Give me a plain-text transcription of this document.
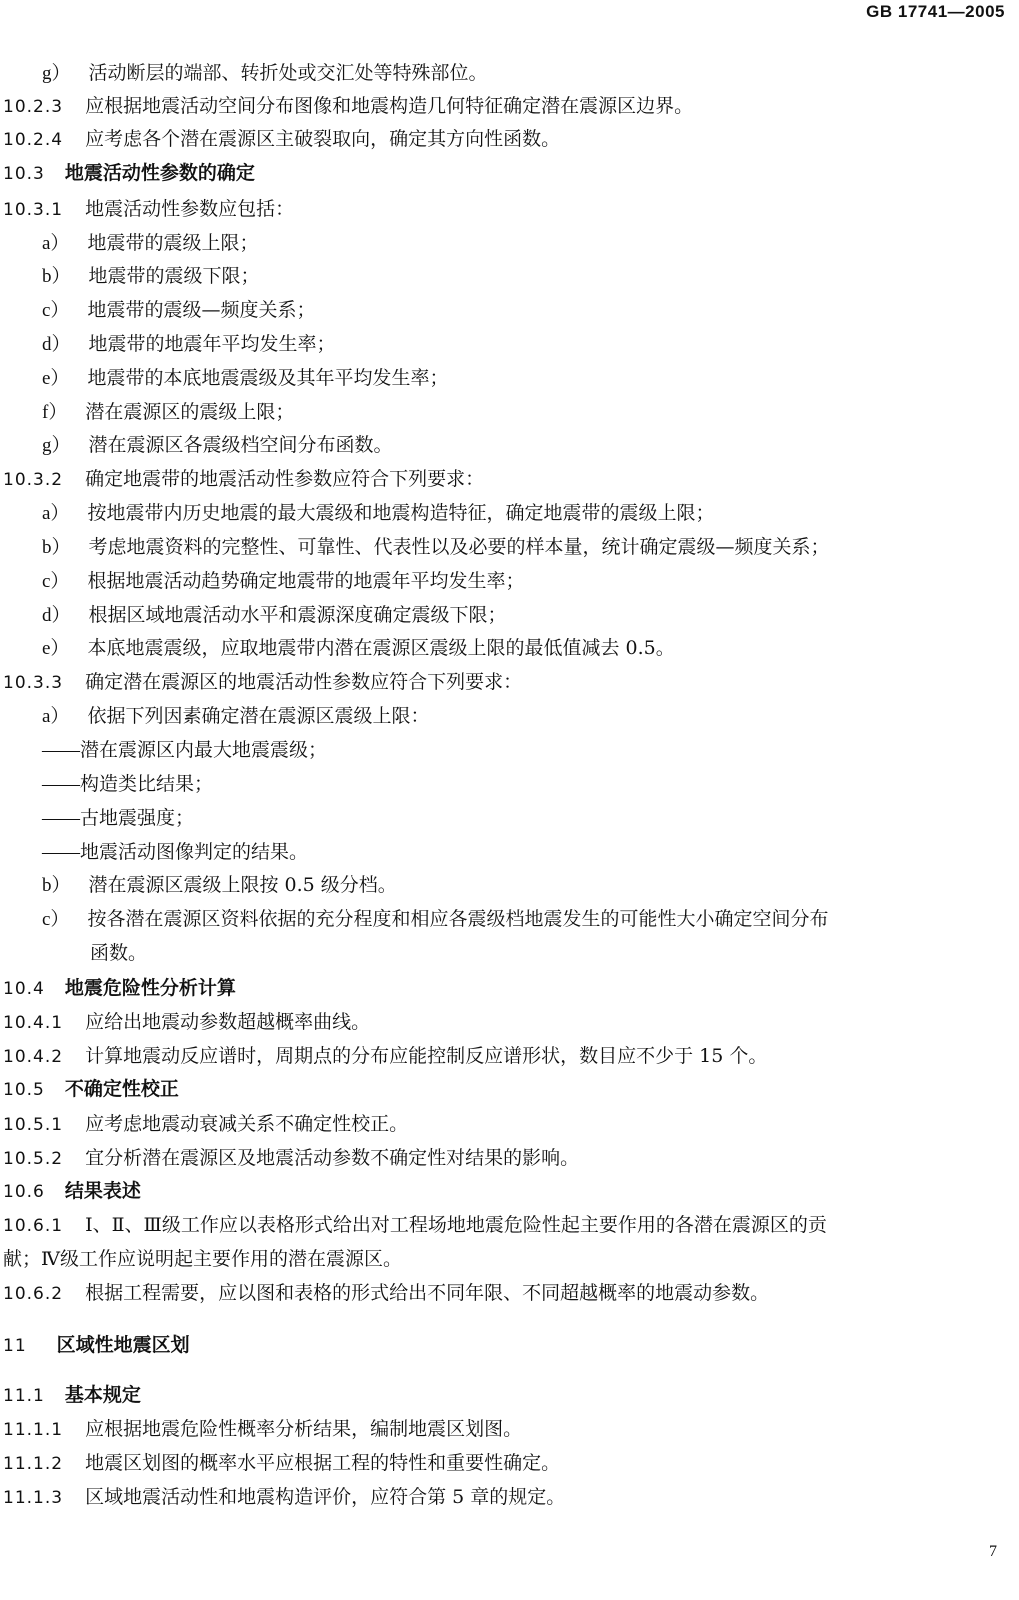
GB 17741—2005
g） 活动断层的端部、转折处或交汇处等特殊部位。
10.2.3 应根据地震活动空间分布图像和地震构造几何特征确定潜在震源区边界。
10.2.4 应考虑各个潜在震源区主破裂取向，确定其方向性函数。
10.3 地震活动性参数的确定
10.3.1 地震活动性参数应包括：
a） 地震带的震级上限；
b） 地震带的震级下限；
c） 地震带的震级—频度关系；
d） 地震带的地震年平均发生率；
e） 地震带的本底地震震级及其年平均发生率；
f） 潜在震源区的震级上限；
g） 潜在震源区各震级档空间分布函数。
10.3.2 确定地震带的地震活动性参数应符合下列要求：
a） 按地震带内历史地震的最大震级和地震构造特征，确定地震带的震级上限；
b） 考虑地震资料的完整性、可靠性、代表性以及必要的样本量，统计确定震级—频度关系；
c） 根据地震活动趋势确定地震带的地震年平均发生率；
d） 根据区域地震活动水平和震源深度确定震级下限；
e） 本底地震震级，应取地震带内潜在震源区震级上限的最低值减去 0.5。
10.3.3 确定潜在震源区的地震活动性参数应符合下列要求：
a） 依据下列因素确定潜在震源区震级上限：
——潜在震源区内最大地震震级；
——构造类比结果；
——古地震强度；
——地震活动图像判定的结果。
b） 潜在震源区震级上限按 0.5 级分档。
c） 按各潜在震源区资料依据的充分程度和相应各震级档地震发生的可能性大小确定空间分布
函数。
10.4 地震危险性分析计算
10.4.1 应给出地震动参数超越概率曲线。
10.4.2 计算地震动反应谱时，周期点的分布应能控制反应谱形状，数目应不少于 15 个。
10.5 不确定性校正
10.5.1 应考虑地震动衰减关系不确定性校正。
10.5.2 宜分析潜在震源区及地震活动参数不确定性对结果的影响。
10.6 结果表述
10.6.1 Ⅰ、Ⅱ、Ⅲ级工作应以表格形式给出对工程场地地震危险性起主要作用的各潜在震源区的贡
献；Ⅳ级工作应说明起主要作用的潜在震源区。
10.6.2 根据工程需要，应以图和表格的形式给出不同年限、不同超越概率的地震动参数。
11 区域性地震区划
11.1 基本规定
11.1.1 应根据地震危险性概率分析结果，编制地震区划图。
11.1.2 地震区划图的概率水平应根据工程的特性和重要性确定。
11.1.3 区域地震活动性和地震构造评价，应符合第 5 章的规定。
7
